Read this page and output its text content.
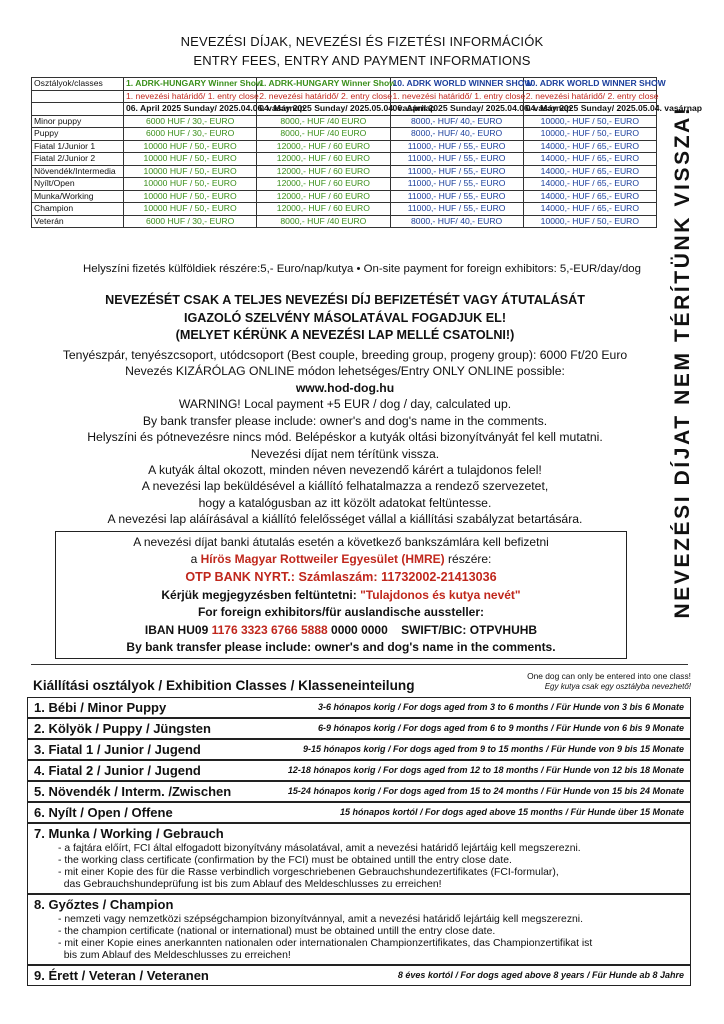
NEVEZÉSI DÍJAK, NEVEZÉSI ÉS FIZETÉSI INFORMÁCIÓK
ENTRY FEES, ENTRY AND PAYMENT INFORMATIONS
Osztályok/classes	1. ADRK-HUNGARY Winner Show	1. ADRK-HUNGARY Winner Show	10. ADRK WORLD WINNER SHOW	10. ADRK WORLD WINNER SHOW
	1. nevezési határidő/ 1. entry close	2. nevezési határidő/ 2. entry close	1. nevezési határidő/ 1. entry close	2. nevezési határidő/ 2. entry close
	06. April 2025 Sunday/ 2025.04.06. vasárnap	04. May 2025 Sunday/ 2025.05.04. vasárnap	06. April 2025 Sunday/ 2025.04.06. vasárnap	04. May 2025 Sunday/ 2025.05.04. vasárnap
Minor puppy	6000 HUF / 30,- EURO	8000,- HUF /40 EURO	8000,- HUF/ 40,- EURO	10000,- HUF / 50,- EURO
Puppy	6000 HUF / 30,- EURO	8000,- HUF /40 EURO	8000,- HUF/ 40,- EURO	10000,- HUF / 50,- EURO
Fiatal 1/Junior 1	10000 HUF / 50,- EURO	12000,- HUF / 60 EURO	11000,- HUF / 55,- EURO	14000,- HUF / 65,- EURO
Fiatal 2/Junior 2	10000 HUF / 50,- EURO	12000,- HUF / 60 EURO	11000,- HUF / 55,- EURO	14000,- HUF / 65,- EURO
Növendék/Intermedia	10000 HUF / 50,- EURO	12000,- HUF / 60 EURO	11000,- HUF / 55,- EURO	14000,- HUF / 65,- EURO
Nyílt/Open	10000 HUF / 50,- EURO	12000,- HUF / 60 EURO	11000,- HUF / 55,- EURO	14000,- HUF / 65,- EURO
Munka/Working	10000 HUF / 50,- EURO	12000,- HUF / 60 EURO	11000,- HUF / 55,- EURO	14000,- HUF / 65,- EURO
Champion	10000 HUF / 50,- EURO	12000,- HUF / 60 EURO	11000,- HUF / 55,- EURO	14000,- HUF / 65,- EURO
Veterán	6000 HUF / 30,- EURO	8000,- HUF /40 EURO	8000,- HUF/ 40,- EURO	10000,- HUF / 50,- EURO
Helyszíni fizetés külföldiek részére:5,- Euro/nap/kutya • On-site payment for foreign exhibitors: 5,-EUR/day/dog	NEVEZÉSI DÍJAT NEM TÉRÍTÜNK VISSZA!
NEVEZÉSÉT CSAK A TELJES NEVEZÉSI DÍJ BEFIZETÉSÉT VAGY ÁTUTALÁSÁT
IGAZOLÓ SZELVÉNY MÁSOLATÁVAL FOGADJUK EL!
(MELYET KÉRÜNK A NEVEZÉSI LAP MELLÉ CSATOLNI!)
Tenyészpár, tenyészcsoport, utódcsoport (Best couple, breeding group, progeny group): 6000 Ft/20 Euro
Nevezés KIZÁRÓLAG ONLINE módon lehetséges/Entry ONLY ONLINE possible:
www.hod-dog.hu
WARNING! Local payment +5 EUR / dog / day, calculated up.
By bank transfer please include: owner's and dog's name in the comments.
Helyszíni és pótnevezésre nincs mód. Belépéskor a kutyák oltási bizonyítványát fel kell mutatni.
Nevezési díjat nem térítünk vissza.
A kutyák által okozott, minden néven nevezendő kárért a tulajdonos felel!
A nevezési lap beküldésével a kiállító felhatalmazza a rendező szervezetet,
hogy a katalógusban az itt közölt adatokat feltüntesse.
A nevezési lap aláírásával a kiállító felelősséget vállal a kiállítási szabályzat betartására.
A nevezési díjat banki átutalás esetén a következő bankszámlára kell befizetni
a Hírös Magyar Rottweiler Egyesület (HMRE) részére:
OTP BANK NYRT.: Számlaszám: 11732002-21413036
Kérjük megjegyzésben feltüntetni: "Tulajdonos és kutya nevét"
For foreign exhibitors/für auslandische aussteller:
IBAN HU09 1176 3323 6766 5888 0000 0000    SWIFT/BIC: OTPVHUHB
By bank transfer please include: owner's and dog's name in the comments.
Kiállítási osztályok / Exhibition Classes / Klasseneinteilung
One dog can only be entered into one class!
Egy kutya csak egy osztályba nevezhető!
1. Bébi / Minor Puppy	3-6 hónapos korig / For dogs aged from 3 to 6 months / Für Hunde von 3 bis 6 Monate
2. Kölyök / Puppy / Jüngsten	6-9 hónapos korig / For dogs aged from 6 to 9 months / Für Hunde von 6 bis 9 Monate
3. Fiatal 1 / Junior / Jugend	9-15 hónapos korig / For dogs aged from 9 to 15 months / Für Hunde von 9 bis 15 Monate
4. Fiatal 2 / Junior / Jugend	12-18 hónapos korig / For dogs aged from 12 to 18 months / Für Hunde von 12 bis 18 Monate
5. Növendék / Interm. /Zwischen	15-24 hónapos korig / For dogs aged from 15 to 24 months / Für Hunde von 15 bis 24 Monate
6. Nyílt / Open / Offene	15 hónapos kortól / For dogs aged above 15 months / Für Hunde über 15 Monate
7. Munka / Working / Gebrauch
- a fajtára előírt, FCI által elfogadott bizonyítvány másolatával, amit a nevezési határidő lejártáig kell megszerezni.
- the working class certificate (confirmation by the FCI) must be obtained untill the entry close date.
- mit einer Kopie des für die Rasse verbindlich vorgeschriebenen Gebrauchshundezertifikates (FCI-formular),
das Gebrauchshundeprüfung ist bis zum Ablauf des Meldeschlusses zu erreichen!
8. Győztes / Champion
- nemzeti vagy nemzetközi szépségchampion bizonyítvánnyal, amit a nevezési határidő lejártáig kell megszerezni.
- the champion certificate (national or international) must be obtained untill the entry close date.
- mit einer Kopie eines anerkannten nationalen oder internationalen Championzertifikates, das Championzertifikat ist
bis zum Ablauf des Meldeschlusses zu erreichen!
9. Érett / Veteran / Veteranen	8 éves kortól / For dogs aged above 8 years / Für Hunde ab 8 Jahre
